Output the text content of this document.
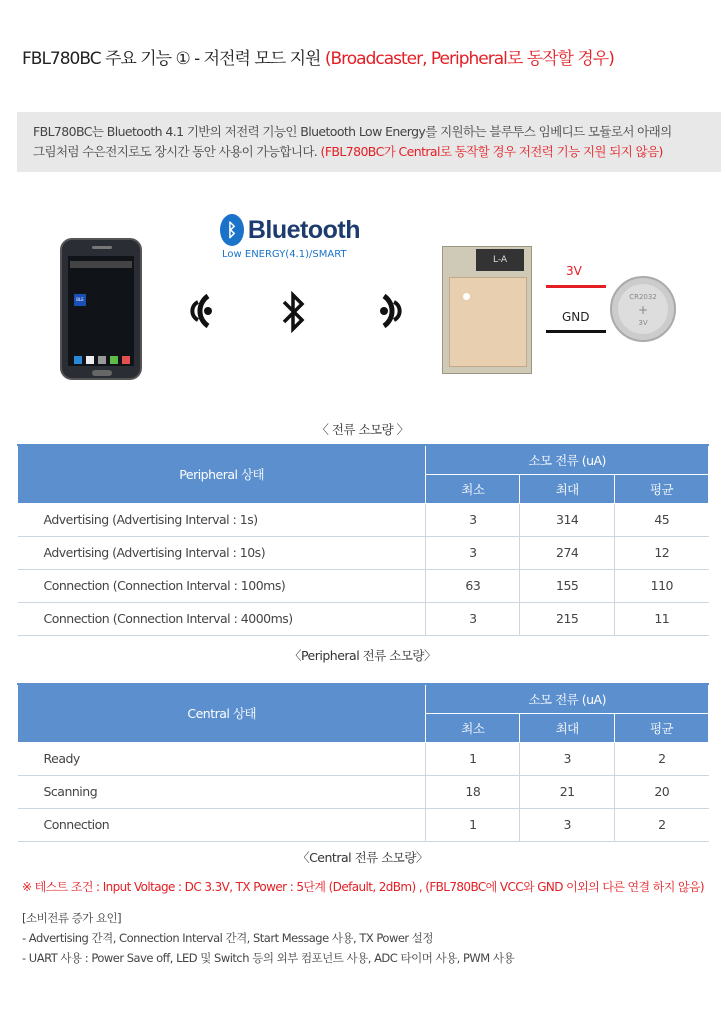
FBL780BC 주요 기능 ① - 저전력 모드 지원 (Broadcaster, Peripheral로 동작할 경우)
FBL780BC는 Bluetooth 4.1 기반의 저전력 기능인 Bluetooth Low Energy를 지원하는 블루투스 임베디드 모듈로서 아래의
그림처럼 수은전지로도 장시간 동안 사용이 가능합니다. (FBL780BC가 Central로 동작할 경우 저전력 기능 지원 되지 않음)
ᛒ Bluetooth
Low ENERGY(4.1)/SMART
BLE
L-A
3V
GND
CR2032
+
3V
〈 전류 소모량 〉
Peripheral 상태	소모 전류 (uA)		
	최소	최대	평균
Advertising (Advertising Interval : 1s)	3	314	45
Advertising (Advertising Interval : 10s)	3	274	12
Connection (Connection Interval : 100ms)	63	155	110
Connection (Connection Interval : 4000ms)	3	215	11
〈Peripheral 전류 소모량〉
Central 상태	소모 전류 (uA)		
	최소	최대	평균
Ready	1	3	2
Scanning	18	21	20
Connection	1	3	2
〈Central 전류 소모량〉
※ 테스트 조건 : Input Voltage : DC 3.3V, TX Power : 5단계 (Default, 2dBm) , (FBL780BC에 VCC와 GND 이외의 다른 연결 하지 않음)
[소비전류 증가 요인]
- Advertising 간격, Connection Interval 간격, Start Message 사용, TX Power 설정
- UART 사용 : Power Save off, LED 및 Switch 등의 외부 컴포넌트 사용, ADC 타이머 사용, PWM 사용
